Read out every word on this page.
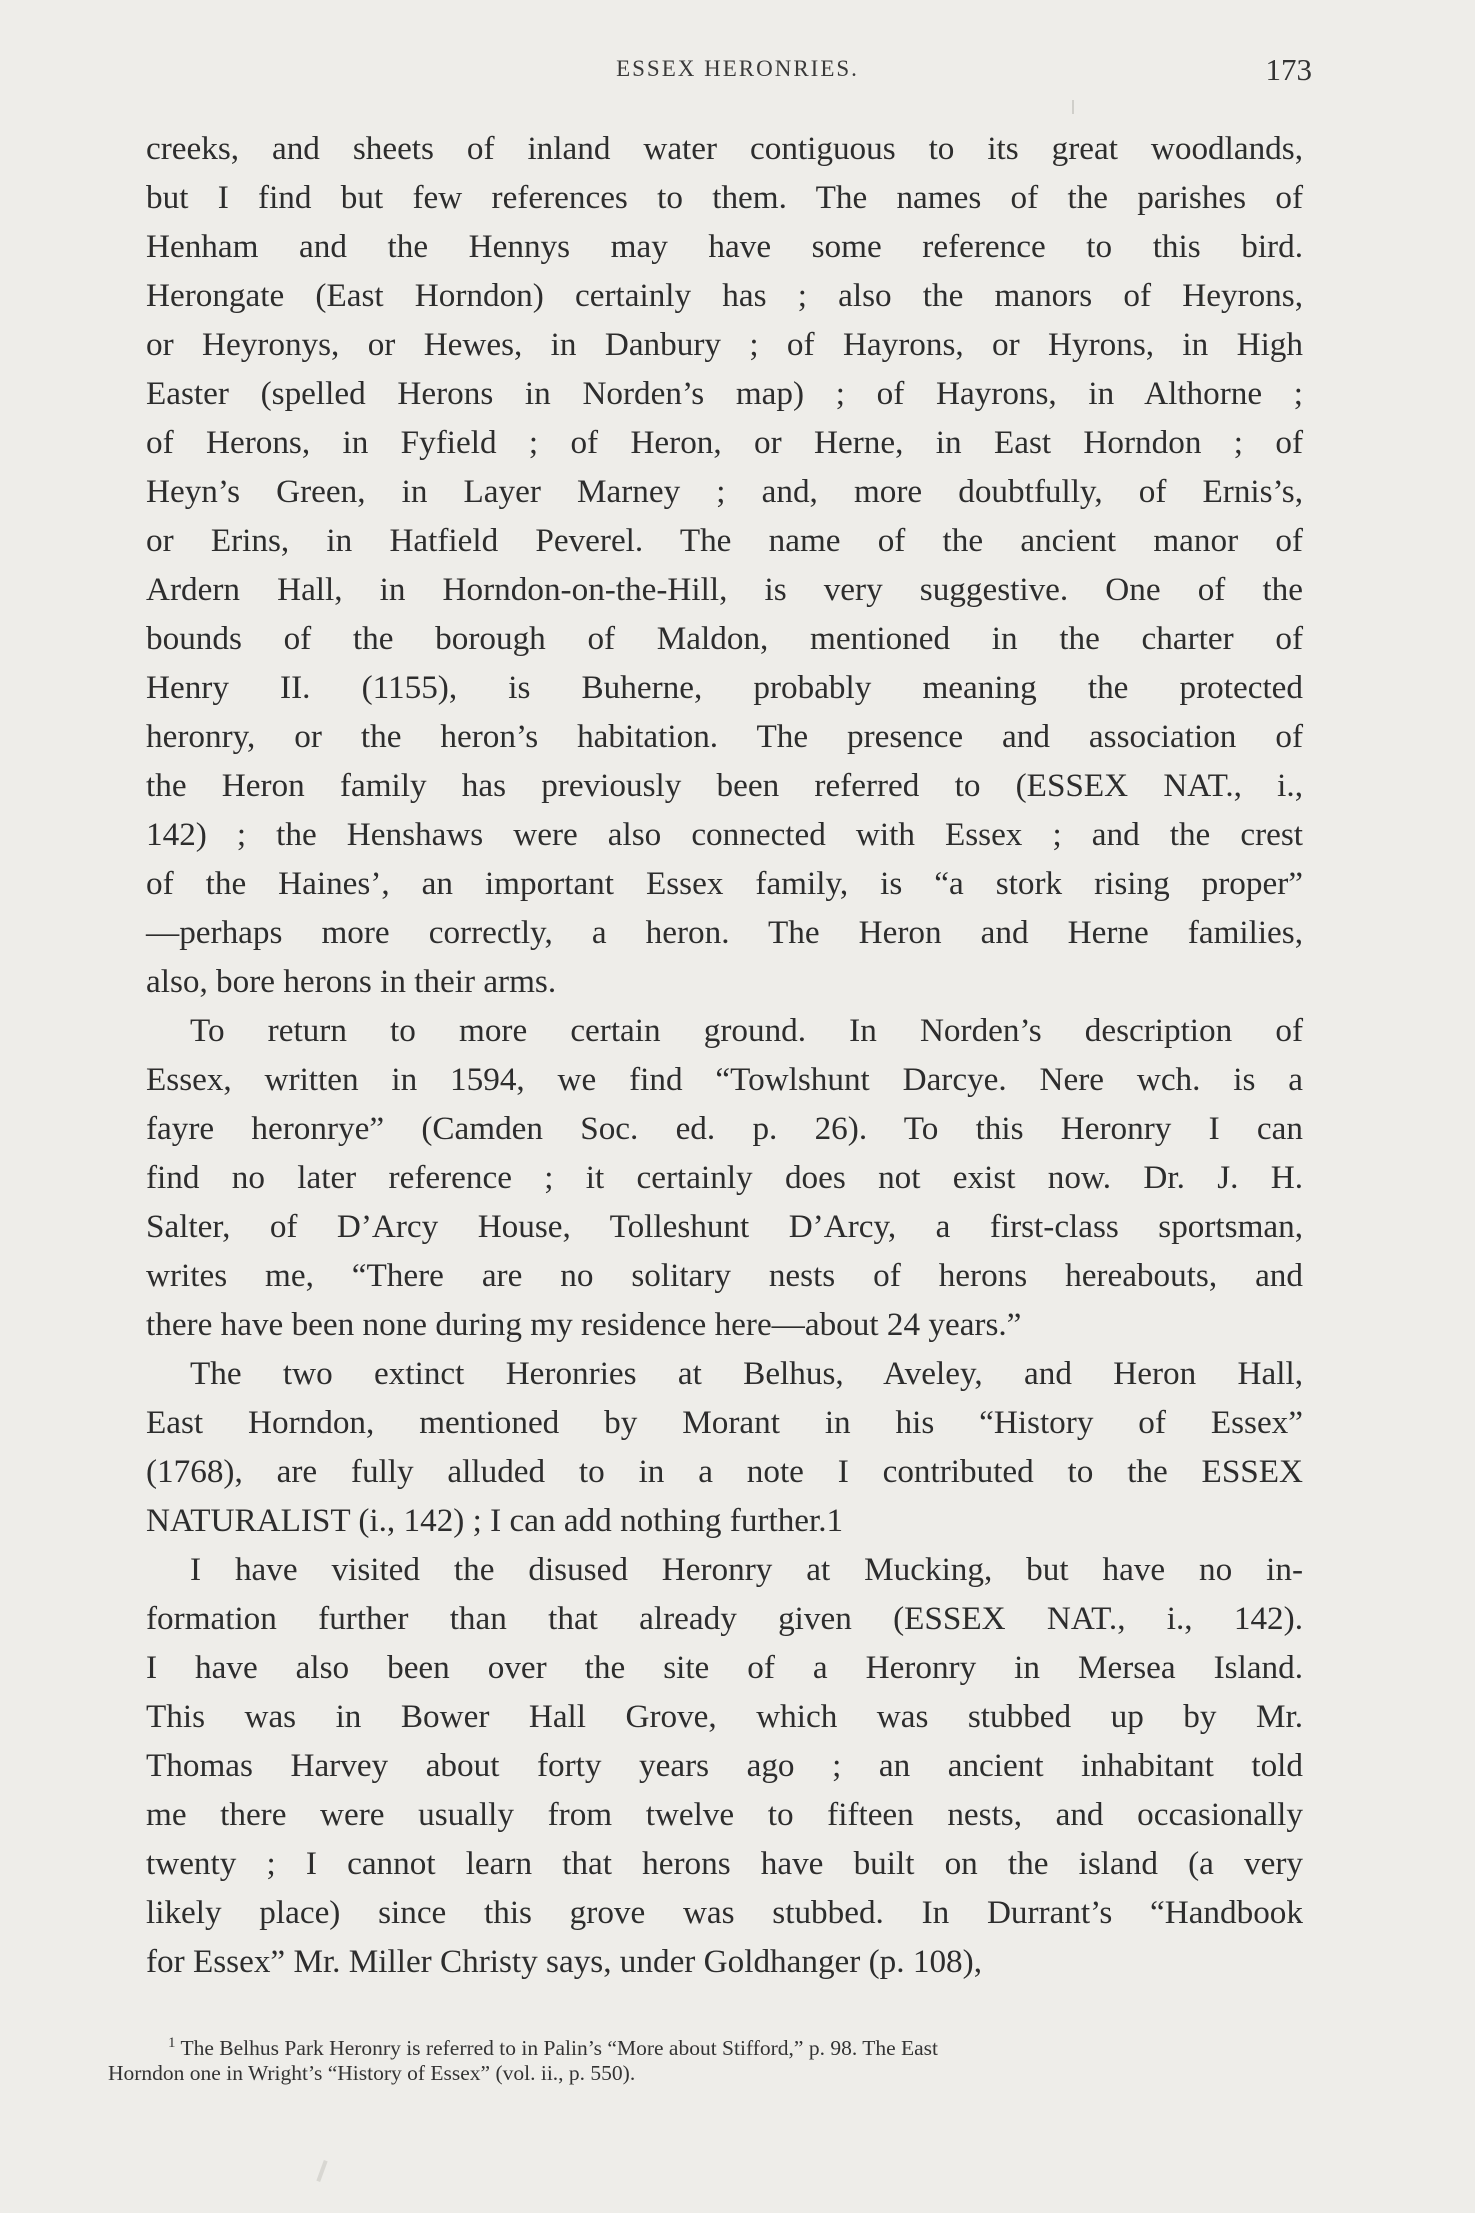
ESSEX HERONRIES.	173

creeks, and sheets of inland water contiguous to its great woodlands,

but I find but few references to them. The names of the parishes of

Henham and the Hennys may have some reference to this bird.

Herongate (East Horndon) certainly has ; also the manors of Heyrons,

or Heyronys, or Hewes, in Danbury ; of Hayrons, or Hyrons, in High

Easter (spelled Herons in Norden’s map) ; of Hayrons, in Althorne ;

of Herons, in Fyfield ; of Heron, or Herne, in East Horndon ; of

Heyn’s Green, in Layer Marney ; and, more doubtfully, of Ernis’s,

or Erins, in Hatfield Peverel. The name of the ancient manor of

Ardern Hall, in Horndon-on-the-Hill, is very suggestive. One of the

bounds of the borough of Maldon, mentioned in the charter of

Henry II. (1155), is Buherne, probably meaning the protected

heronry, or the heron’s habitation. The presence and association of

the Heron family has previously been referred to (ESSEX NAT., i.,

142) ; the Henshaws were also connected with Essex ; and the crest

of the Haines’, an important Essex family, is “a stork rising proper”

—perhaps more correctly, a heron. The Heron and Herne families,

also, bore herons in their arms.

To return to more certain ground. In Norden’s description of

Essex, written in 1594, we find “Towlshunt Darcye. Nere wch. is a

fayre heronrye” (Camden Soc. ed. p. 26). To this Heronry I can

find no later reference ; it certainly does not exist now. Dr. J. H.

Salter, of D’Arcy House, Tolleshunt D’Arcy, a first-class sportsman,

writes me, “There are no solitary nests of herons hereabouts, and

there have been none during my residence here—about 24 years.”

The two extinct Heronries at Belhus, Aveley, and Heron Hall,

East Horndon, mentioned by Morant in his “History of Essex”

(1768), are fully alluded to in a note I contributed to the ESSEX

NATURALIST (i., 142) ; I can add nothing further.1

I have visited the disused Heronry at Mucking, but have no in-

formation further than that already given (ESSEX NAT., i., 142).

I have also been over the site of a Heronry in Mersea Island.

This was in Bower Hall Grove, which was stubbed up by Mr.

Thomas Harvey about forty years ago ; an ancient inhabitant told

me there were usually from twelve to fifteen nests, and occasionally

twenty ; I cannot learn that herons have built on the island (a very

likely place) since this grove was stubbed. In Durrant’s “Handbook

for Essex” Mr. Miller Christy says, under Goldhanger (p. 108),

$^1$ The Belhus Park Heronry is referred to in Palin’s “More about Stifford,” p. 98. The East
Horndon one in Wright’s “History of Essex” (vol. ii., p. 550).
